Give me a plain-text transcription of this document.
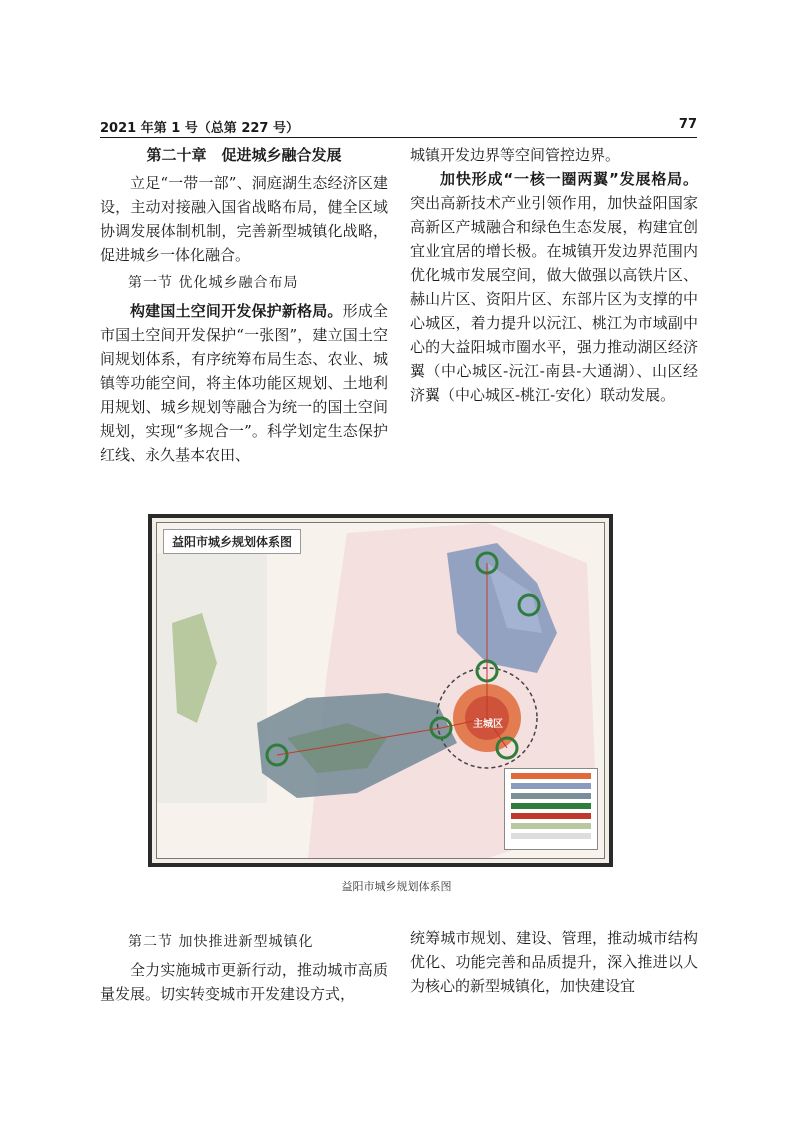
2021 年第 1 号（总第 227 号）	77

第二十章　促进城乡融合发展

立足“一带一部”、洞庭湖生态经济区建设，主动对接融入国省战略布局，健全区域协调发展体制机制，完善新型城镇化战略，促进城乡一体化融合。

第一节 优化城乡融合布局

构建国土空间开发保护新格局。形成全市国土空间开发保护“一张图”，建立国土空间规划体系，有序统筹布局生态、农业、城镇等功能空间，将主体功能区规划、土地利用规划、城乡规划等融合为统一的国土空间规划，实现“多规合一”。科学划定生态保护红线、永久基本农田、

城镇开发边界等空间管控边界。

加快形成“一核一圈两翼”发展格局。突出高新技术产业引领作用，加快益阳国家高新区产城融合和绿色生态发展，构建宜创宜业宜居的增长极。在城镇开发边界范围内优化城市发展空间，做大做强以高铁片区、赫山片区、资阳片区、东部片区为支撑的中心城区，着力提升以沅江、桃江为市域副中心的大益阳城市圈水平，强力推动湖区经济翼（中心城区-沅江-南县-大通湖）、山区经济翼（中心城区-桃江-安化）联动发展。

益阳市城乡规划体系图
主城区
益阳市城乡规划体系图

第二节 加快推进新型城镇化

全力实施城市更新行动，推动城市高质量发展。切实转变城市开发建设方式，

统筹城市规划、建设、管理，推动城市结构优化、功能完善和品质提升，深入推进以人为核心的新型城镇化，加快建设宜
